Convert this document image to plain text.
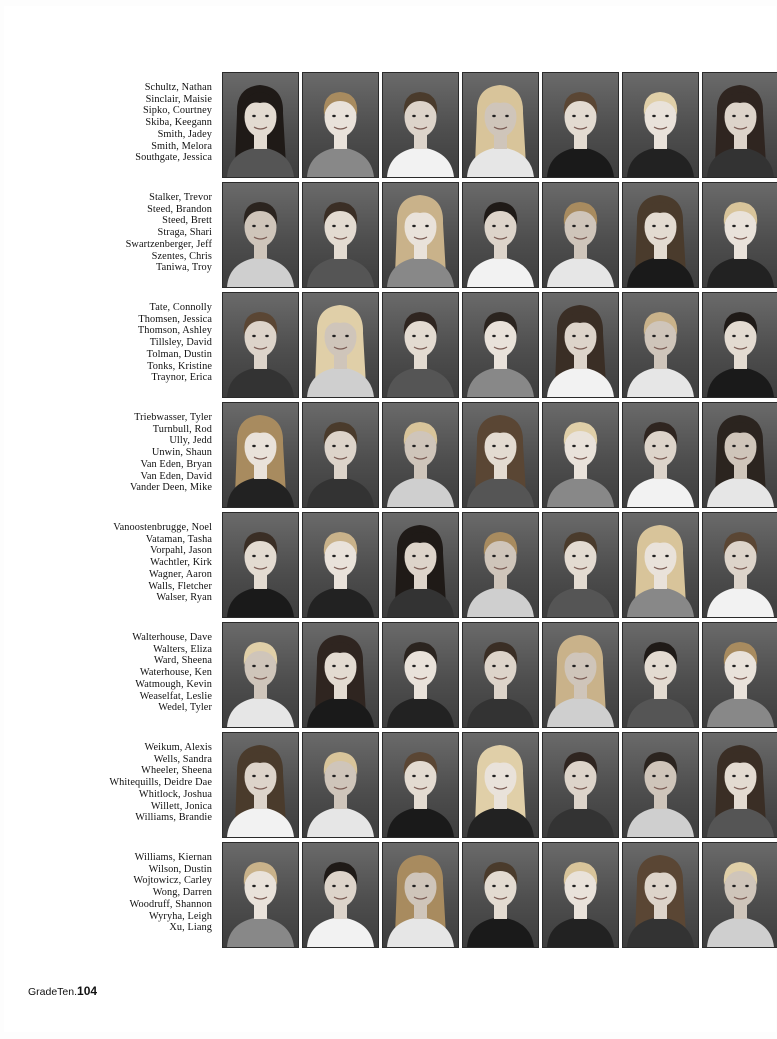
Schultz, Nathan
Sinclair, Maisie
Sipko, Courtney
Skiba, Keegann
Smith, Jadey
Smith, Melora
Southgate, Jessica
Stalker, Trevor
Steed, Brandon
Steed, Brett
Straga, Shari
Swartzenberger, Jeff
Szentes, Chris
Taniwa, Troy
Tate, Connolly
Thomsen, Jessica
Thomson, Ashley
Tillsley, David
Tolman, Dustin
Tonks, Kristine
Traynor, Erica
Triebwasser, Tyler
Turnbull, Rod
Ully, Jedd
Unwin, Shaun
Van Eden, Bryan
Van Eden, David
Vander Deen, Mike
Vanoostenbrugge, Noel
Vataman, Tasha
Vorpahl, Jason
Wachtler, Kirk
Wagner, Aaron
Walls, Fletcher
Walser, Ryan
Walterhouse, Dave
Walters, Eliza
Ward, Sheena
Waterhouse, Ken
Watmough, Kevin
Weaselfat, Leslie
Wedel, Tyler
Weikum, Alexis
Wells, Sandra
Wheeler, Sheena
Whitequills, Deidre Dae
Whitlock, Joshua
Willett, Jonica
Williams, Brandie
Williams, Kiernan
Wilson, Dustin
Wojtowicz, Carley
Wong, Darren
Woodruff, Shannon
Wyryha, Leigh
Xu, Liang
GradeTen.104
